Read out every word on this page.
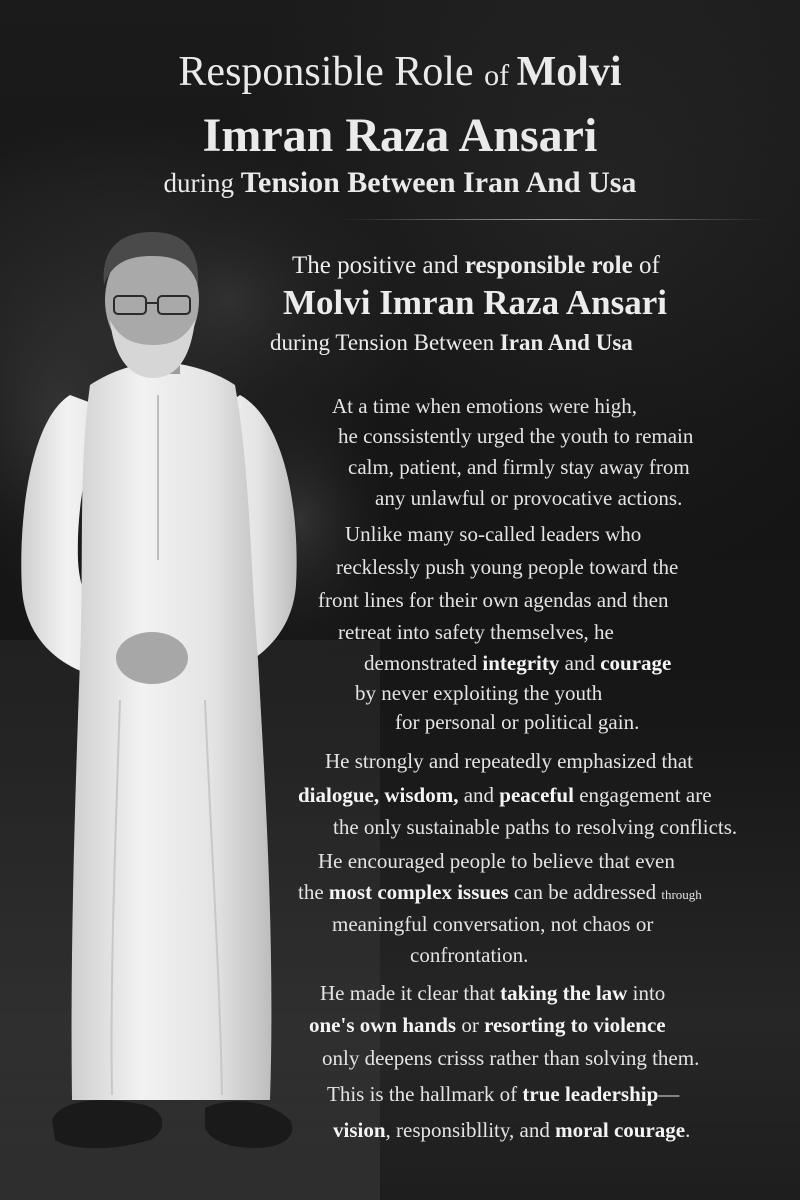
Responsible Role of Molvi
Imran Raza Ansari
during Tension Between Iran And Usa
The positive and responsible role of
Molvi Imran Raza Ansari
during Tension Between Iran And Usa
At a time when emotions were high,
he conssistently urged the youth to remain
calm, patient, and firmly stay away from
any unlawful or provocative actions.
Unlike many so-called leaders who
recklessly push young people toward the
front lines for their own agendas and then
retreat into safety themselves, he
demonstrated integrity and courage
by never exploiting the youth
for personal or political gain.
He strongly and repeatedly emphasized that
dialogue, wisdom, and peaceful engagement are
the only sustainable paths to resolving conflicts.
He encouraged people to believe that even
the most complex issues can be addressed through
meaningful conversation, not chaos or
confrontation.
He made it clear that taking the law into
one's own hands or resorting to violence
only deepens crisss rather than solving them.
This is the hallmark of true leadership—
vision, responsibllity, and moral courage.
